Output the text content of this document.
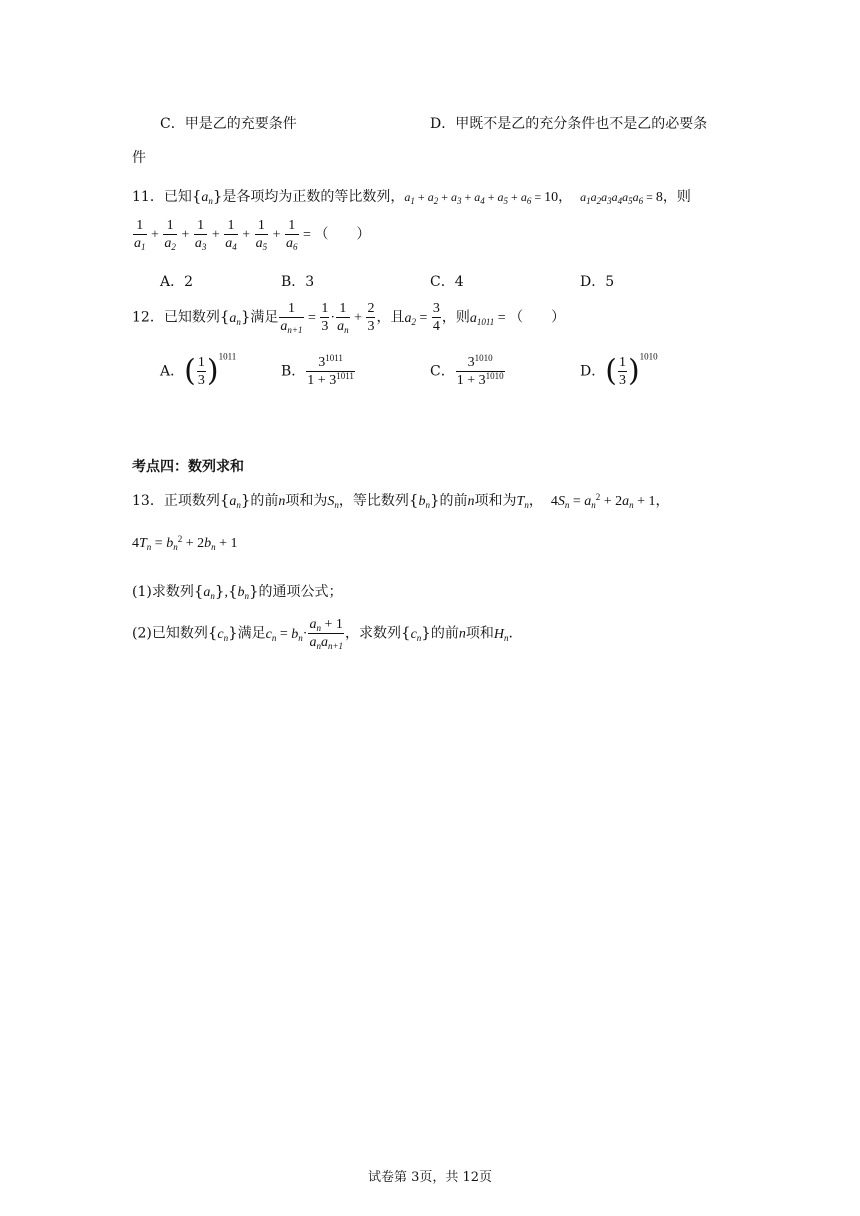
C．甲是乙的充要条件	D．甲既不是乙的充分条件也不是乙的必要条
件
11．已知$\{a_n\}$是各项均为正数的等比数列，$a_1 + a_2 + a_3 + a_4 + a_5 + a_6 = 10$， $a_1a_2a_3a_4a_5a_6 = 8$，则
$\frac{1}{a_1} + \frac{1}{a_2} + \frac{1}{a_3} + \frac{1}{a_4} + \frac{1}{a_5} + \frac{1}{a_6}$ = （　　）
A．2	B．3	C．4	D．5
12．已知数列$\{a_n\}$满足 $\frac{1}{a_{n+1}} = \frac{1}{3} \cdot \frac{1}{a_n} + \frac{2}{3}$ ，且$a_2 = \frac{3}{4}$ ，则$a_{1011}$ = （　　）
A．( $\frac{1}{3} )^{1011}$
B． $\frac{3^{1011}}{1 + 3^{1011}}$	C． $\frac{3^{1010}}{1 + 3^{1010}}$	D．( $\frac{1}{3} )^{1010}$
考点四：数列求和
13．正项数列$\{a_n\}$的前n项和为$S_n$，等比数列$\{b_n\}$的前n项和为$T_n$， $4S_n = a_n^2 + 2a_n + 1$，
$4T_n = b_n^2 + 2b_n + 1$
(1)求数列$\{a_n\},\{b_n\}$的通项公式；
(2)已知数列$\{c_n\}$满足$c_n = b_n\cdot \frac{a_n + 1}{a_na_{n+1}}$ ，求数列$\{c_n\}$的前n项和$H_n$.
试卷第 3页，共 12页
